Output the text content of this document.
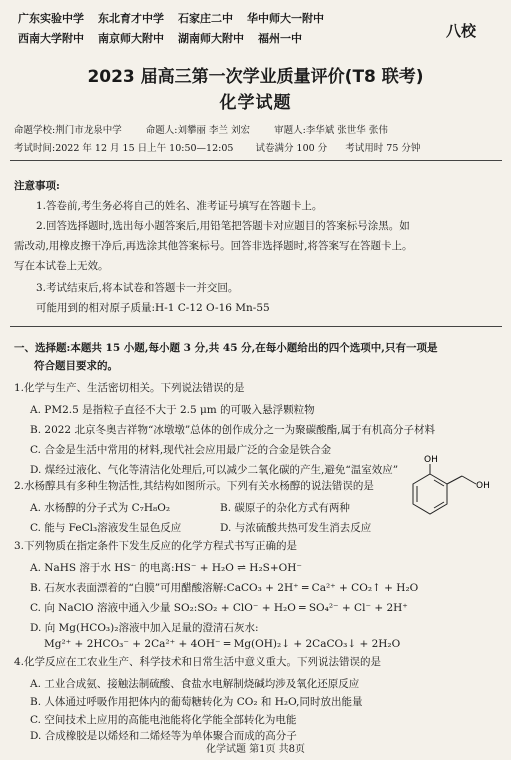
广东实验中学 东北育才中学 石家庄二中 华中师大一附中
西南大学附中 南京师大附中 湖南师大附中 福州一中	八校
2023 届高三第一次学业质量评价(T8 联考)
化学试题
命题学校:荆门市龙泉中学	命题人:刘攀丽 李兰 刘宏	审题人:李华斌 张世华 张伟
考试时间:2022 年 12 月 15 日上午 10:50—12:05 试卷满分 100 分 考试用时 75 分钟
注意事项:
1.答卷前,考生务必将自己的姓名、准考证号填写在答题卡上。
2.回答选择题时,选出每小题答案后,用铅笔把答题卡对应题目的答案标号涂黑。如
需改动,用橡皮擦干净后,再选涂其他答案标号。回答非选择题时,将答案写在答题卡上。
写在本试卷上无效。
3.考试结束后,将本试卷和答题卡一并交回。
可能用到的相对原子质量:H-1 C-12 O-16 Mn-55
一、选择题:本题共 15 小题,每小题 3 分,共 45 分,在每小题给出的四个选项中,只有一项是
符合题目要求的。
1.化学与生产、生活密切相关。下列说法错误的是
A. PM2.5 是指粒子直径不大于 2.5 μm 的可吸入悬浮颗粒物
B. 2022 北京冬奥吉祥物“冰墩墩”总体的创作成分之一为聚碳酸酯,属于有机高分子材料
C. 合金是生活中常用的材料,现代社会应用最广泛的合金是铁合金
D. 煤经过液化、气化等清洁化处理后,可以减少二氧化碳的产生,避免“温室效应”
2.水杨醇具有多种生物活性,其结构如图所示。下列有关水杨醇的说法错误的是
A. 水杨醇的分子式为 C₇H₈O₂	B. 碳原子的杂化方式有两种
C. 能与 FeCl₃溶液发生显色反应	D. 与浓硫酸共热可发生消去反应
OH
OH
3.下列物质在指定条件下发生反应的化学方程式书写正确的是
A. NaHS 溶于水 HS⁻ 的电离:HS⁻ + H₂O ⇌ H₂S+OH⁻
B. 石灰水表面漂着的“白膜”可用醋酸溶解:CaCO₃ + 2H⁺ ═ Ca²⁺ + CO₂↑ + H₂O
C. 向 NaClO 溶液中通入少量 SO₂:SO₂ + ClO⁻ + H₂O ═ SO₄²⁻ + Cl⁻ + 2H⁺
D. 向 Mg(HCO₃)₂溶液中加入足量的澄清石灰水:
Mg²⁺ + 2HCO₃⁻ + 2Ca²⁺ + 4OH⁻ ═ Mg(OH)₂↓ + 2CaCO₃↓ + 2H₂O
4.化学反应在工农业生产、科学技术和日常生活中意义重大。下列说法错误的是
A. 工业合成氨、接触法制硫酸、食盐水电解制烧碱均涉及氧化还原反应
B. 人体通过呼吸作用把体内的葡萄糖转化为 CO₂ 和 H₂O,同时放出能量
C. 空间技术上应用的高能电池能将化学能全部转化为电能
D. 合成橡胶是以烯烃和二烯烃等为单体聚合而成的高分子
化学试题 第1页 共8页
